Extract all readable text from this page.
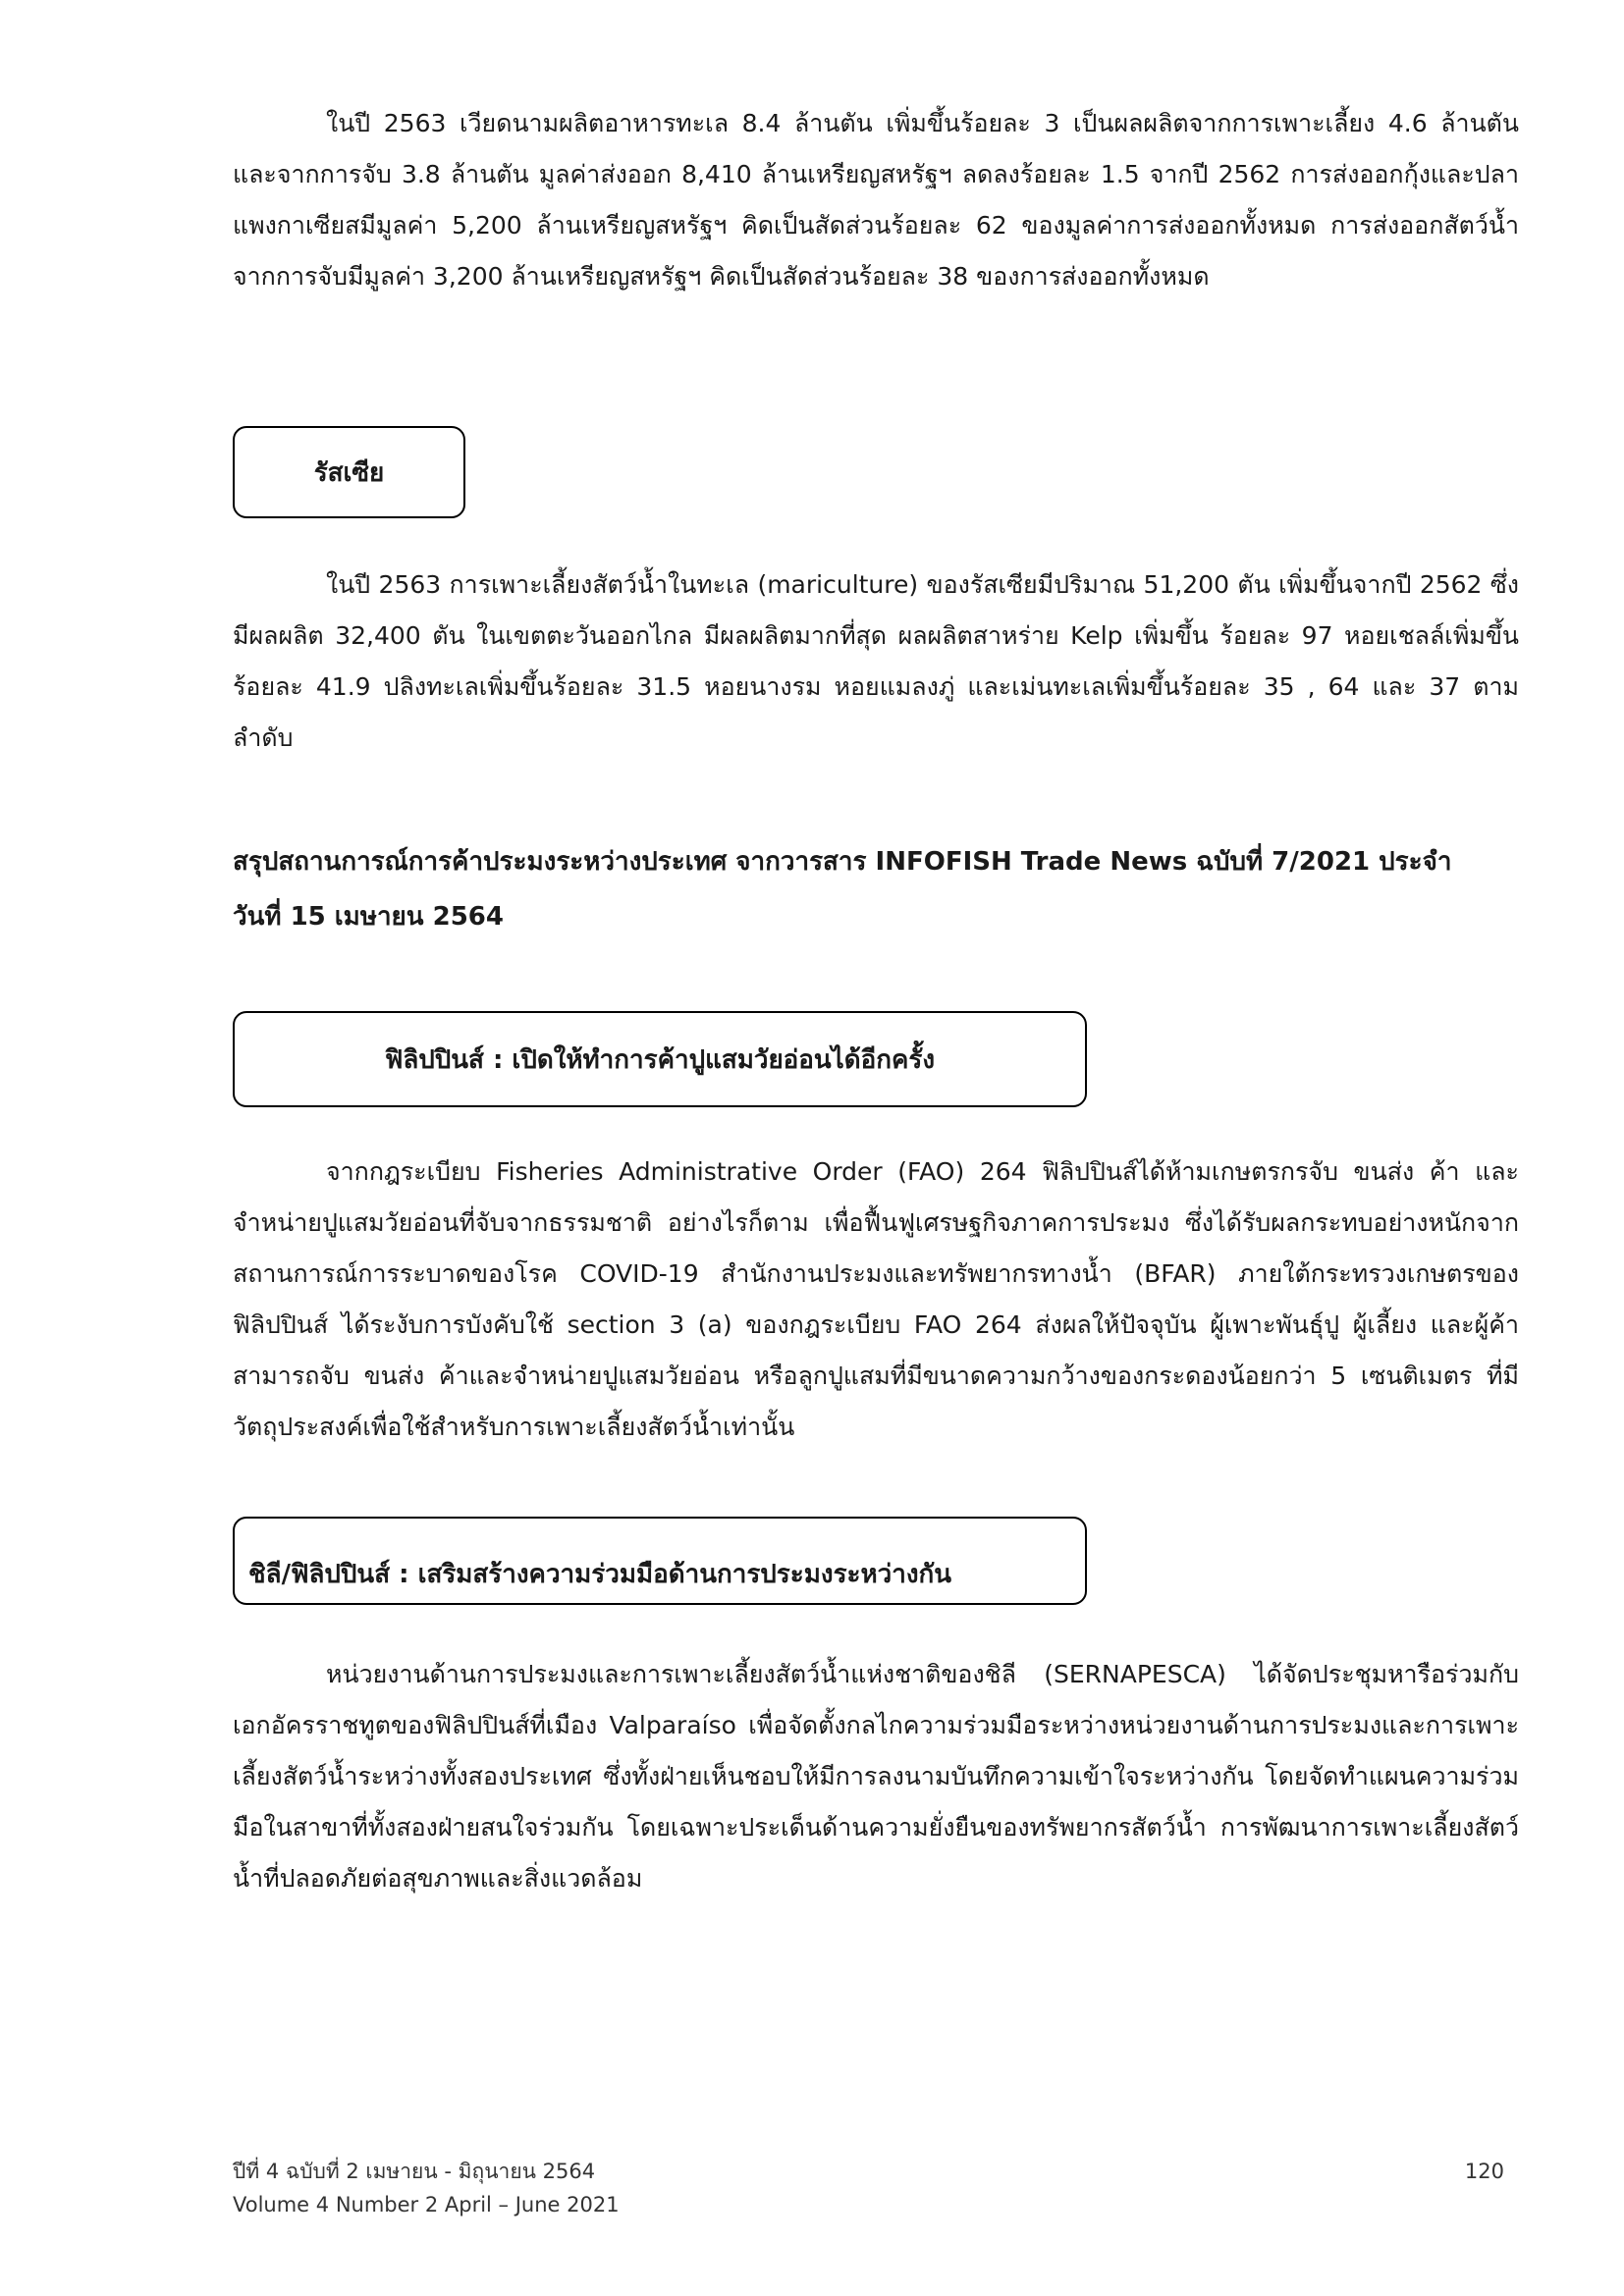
ในปี 2563 เวียดนามผลิตอาหารทะเล 8.4 ล้านตัน เพิ่มขึ้นร้อยละ 3 เป็นผลผลิตจากการเพาะเลี้ยง 4.6 ล้านตัน และจากการจับ 3.8 ล้านตัน มูลค่าส่งออก 8,410 ล้านเหรียญสหรัฐฯ ลดลงร้อยละ 1.5 จากปี 2562 การส่งออกกุ้งและปลาแพงกาเซียสมีมูลค่า 5,200 ล้านเหรียญสหรัฐฯ คิดเป็นสัดส่วนร้อยละ 62 ของมูลค่าการส่งออกทั้งหมด การส่งออกสัตว์น้ำจากการจับมีมูลค่า 3,200 ล้านเหรียญสหรัฐฯ คิดเป็นสัดส่วนร้อยละ 38 ของการส่งออกทั้งหมด

รัสเซีย

ในปี 2563 การเพาะเลี้ยงสัตว์น้ำในทะเล (mariculture) ของรัสเซียมีปริมาณ 51,200 ตัน เพิ่มขึ้นจากปี 2562 ซึ่งมีผลผลิต 32,400 ตัน ในเขตตะวันออกไกล มีผลผลิตมากที่สุด ผลผลิตสาหร่าย Kelp เพิ่มขึ้น ร้อยละ 97 หอยเชลล์เพิ่มขึ้นร้อยละ 41.9 ปลิงทะเลเพิ่มขึ้นร้อยละ 31.5 หอยนางรม หอยแมลงภู่ และเม่นทะเลเพิ่มขึ้นร้อยละ 35 , 64 และ 37 ตามลำดับ

สรุปสถานการณ์การค้าประมงระหว่างประเทศ จากวารสาร INFOFISH Trade News ฉบับที่ 7/2021 ประจำ
วันที่ 15 เมษายน 2564
ฟิลิปปินส์ : เปิดให้ทำการค้าปูแสมวัยอ่อนได้อีกครั้ง

จากกฎระเบียบ Fisheries Administrative Order (FAO) 264 ฟิลิปปินส์ได้ห้ามเกษตรกรจับ ขนส่ง ค้า และจำหน่ายปูแสมวัยอ่อนที่จับจากธรรมชาติ อย่างไรก็ตาม เพื่อฟื้นฟูเศรษฐกิจภาคการประมง ซึ่งได้รับผลกระทบอย่างหนักจากสถานการณ์การระบาดของโรค COVID-19 สำนักงานประมงและทรัพยากรทางน้ำ (BFAR) ภายใต้กระทรวงเกษตรของฟิลิปปินส์ ได้ระงับการบังคับใช้ section 3 (a) ของกฎระเบียบ FAO 264 ส่งผลให้ปัจจุบัน ผู้เพาะพันธุ์ปู ผู้เลี้ยง และผู้ค้า สามารถจับ ขนส่ง ค้าและจำหน่ายปูแสมวัยอ่อน หรือลูกปูแสมที่มีขนาดความกว้างของกระดองน้อยกว่า 5 เซนติเมตร ที่มีวัตถุประสงค์เพื่อใช้สำหรับการเพาะเลี้ยงสัตว์น้ำเท่านั้น

ชิลี/ฟิลิปปินส์ : เสริมสร้างความร่วมมือด้านการประมงระหว่างกัน

หน่วยงานด้านการประมงและการเพาะเลี้ยงสัตว์น้ำแห่งชาติของชิลี (SERNAPESCA) ได้จัดประชุมหารือร่วมกับเอกอัครราชทูตของฟิลิปปินส์ที่เมือง Valparaíso เพื่อจัดตั้งกลไกความร่วมมือระหว่างหน่วยงานด้านการประมงและการเพาะเลี้ยงสัตว์น้ำระหว่างทั้งสองประเทศ ซึ่งทั้งฝ่ายเห็นชอบให้มีการลงนามบันทึกความเข้าใจระหว่างกัน โดยจัดทำแผนความร่วมมือในสาขาที่ทั้งสองฝ่ายสนใจร่วมกัน โดยเฉพาะประเด็นด้านความยั่งยืนของทรัพยากรสัตว์น้ำ การพัฒนาการเพาะเลี้ยงสัตว์น้ำที่ปลอดภัยต่อสุขภาพและสิ่งแวดล้อม

ปีที่ 4 ฉบับที่ 2 เมษายน - มิถุนายน 2564
Volume 4 Number 2 April – June 2021
120
